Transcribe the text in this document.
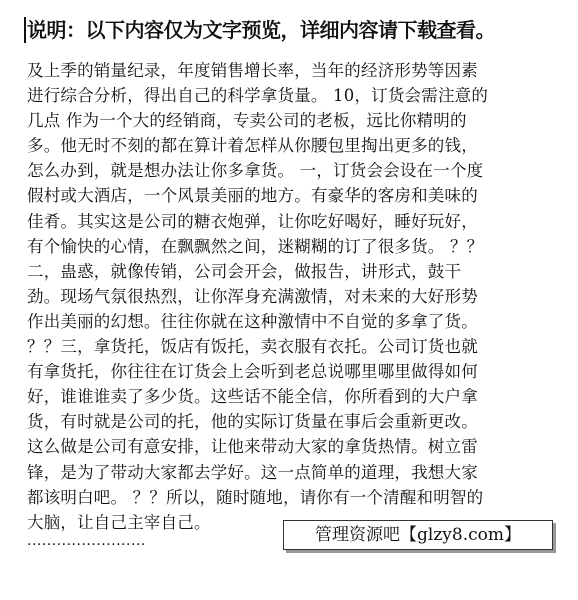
说明：以下内容仅为文字预览，详细内容请下载查看。
及上季的销量纪录，年度销售增长率，当年的经济形势等因素
进行综合分析，得出自己的科学拿货量。 10，订货会需注意的
几点 作为一个大的经销商，专卖公司的老板，远比你精明的
多。他无时不刻的都在算计着怎样从你腰包里掏出更多的钱，
怎么办到，就是想办法让你多拿货。 一，订货会会设在一个度
假村或大酒店，一个风景美丽的地方。有豪华的客房和美味的
佳肴。其实这是公司的糖衣炮弹，让你吃好喝好，睡好玩好，
有个愉快的心情，在飘飘然之间，迷糊糊的订了很多货。 ？？
二，蛊惑，就像传销，公司会开会，做报告，讲形式，鼓干
劲。现场气氛很热烈，让你浑身充满激情，对未来的大好形势
作出美丽的幻想。往往你就在这种激情中不自觉的多拿了货。
？？三，拿货托，饭店有饭托，卖衣服有衣托。公司订货也就
有拿货托，你往往在订货会上会听到老总说哪里哪里做得如何
好，谁谁谁卖了多少货。这些话不能全信，你所看到的大户拿
货，有时就是公司的托，他的实际订货量在事后会重新更改。
这么做是公司有意安排，让他来带动大家的拿货热情。树立雷
锋，是为了带动大家都去学好。这一点简单的道理，我想大家
都该明白吧。 ？？所以，随时随地，请你有一个清醒和明智的
大脑，让自己主宰自己。
........................	管理资源吧【glzy8.com】
